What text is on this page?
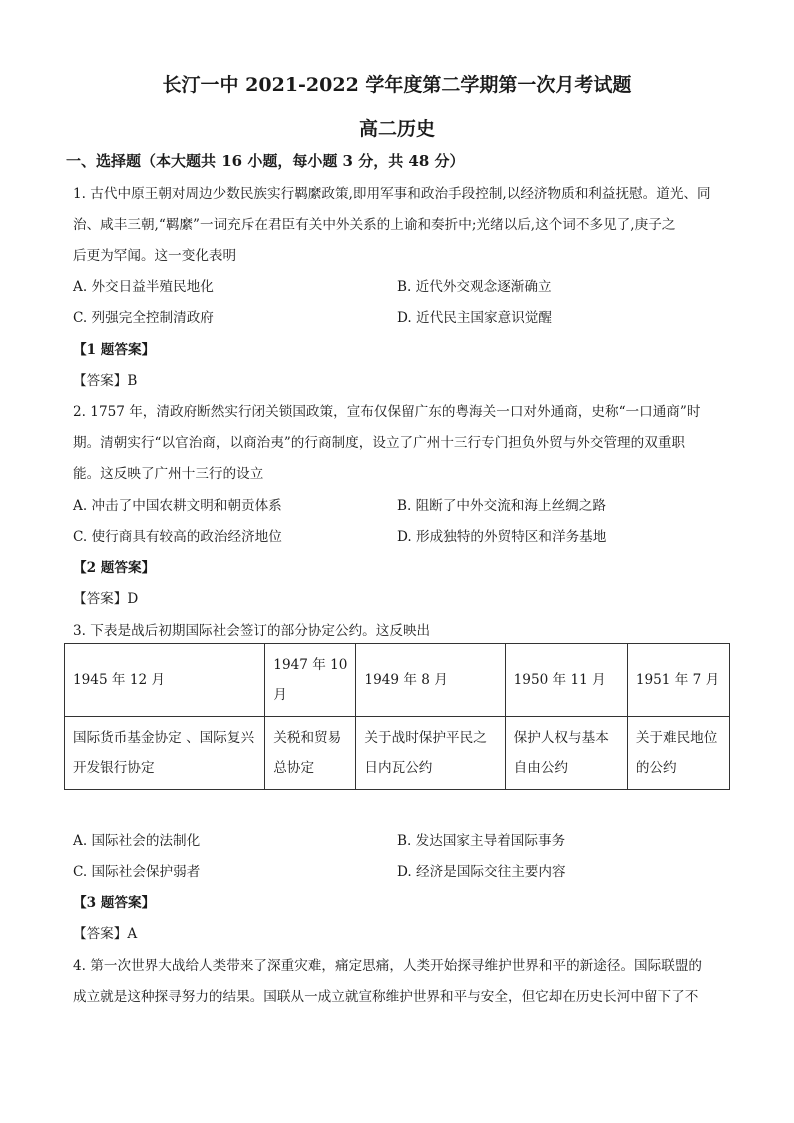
长汀一中 2021-2022 学年度第二学期第一次月考试题
高二历史
一、选择题（本大题共 16 小题，每小题 3 分，共 48 分）
1. 古代中原王朝对周边少数民族实行羁縻政策,即用军事和政治手段控制,以经济物质和利益抚慰。道光、同
治、咸丰三朝,“羁縻”一词充斥在君臣有关中外关系的上谕和奏折中;光绪以后,这个词不多见了,庚子之
后更为罕闻。这一变化表明
A. 外交日益半殖民地化	B. 近代外交观念逐渐确立
C. 列强完全控制清政府	D. 近代民主国家意识觉醒
【1 题答案】
【答案】B
2. 1757 年，清政府断然实行闭关锁国政策，宣布仅保留广东的粤海关一口对外通商，史称“一口通商”时
期。清朝实行“以官治商，以商治夷”的行商制度，设立了广州十三行专门担负外贸与外交管理的双重职
能。这反映了广州十三行的设立
A. 冲击了中国农耕文明和朝贡体系	B. 阻断了中外交流和海上丝绸之路
C. 使行商具有较高的政治经济地位	D. 形成独特的外贸特区和洋务基地
【2 题答案】
【答案】D
3. 下表是战后初期国际社会签订的部分协定公约。这反映出
1945 年 12 月	1947 年 10 月	1949 年 8 月	1950 年 11 月	1951 年 7 月
国际货币基金协定 、国际复兴开发银行协定	关税和贸易总协定	关于战时保护平民之日内瓦公约	保护人权与基本自由公约	关于难民地位的公约
A. 国际社会的法制化	B. 发达国家主导着国际事务
C. 国际社会保护弱者	D. 经济是国际交往主要内容
【3 题答案】
【答案】A
4. 第一次世界大战给人类带来了深重灾难，痛定思痛，人类开始探寻维护世界和平的新途径。国际联盟的
成立就是这种探寻努力的结果。国联从一成立就宣称维护世界和平与安全，但它却在历史长河中留下了不
